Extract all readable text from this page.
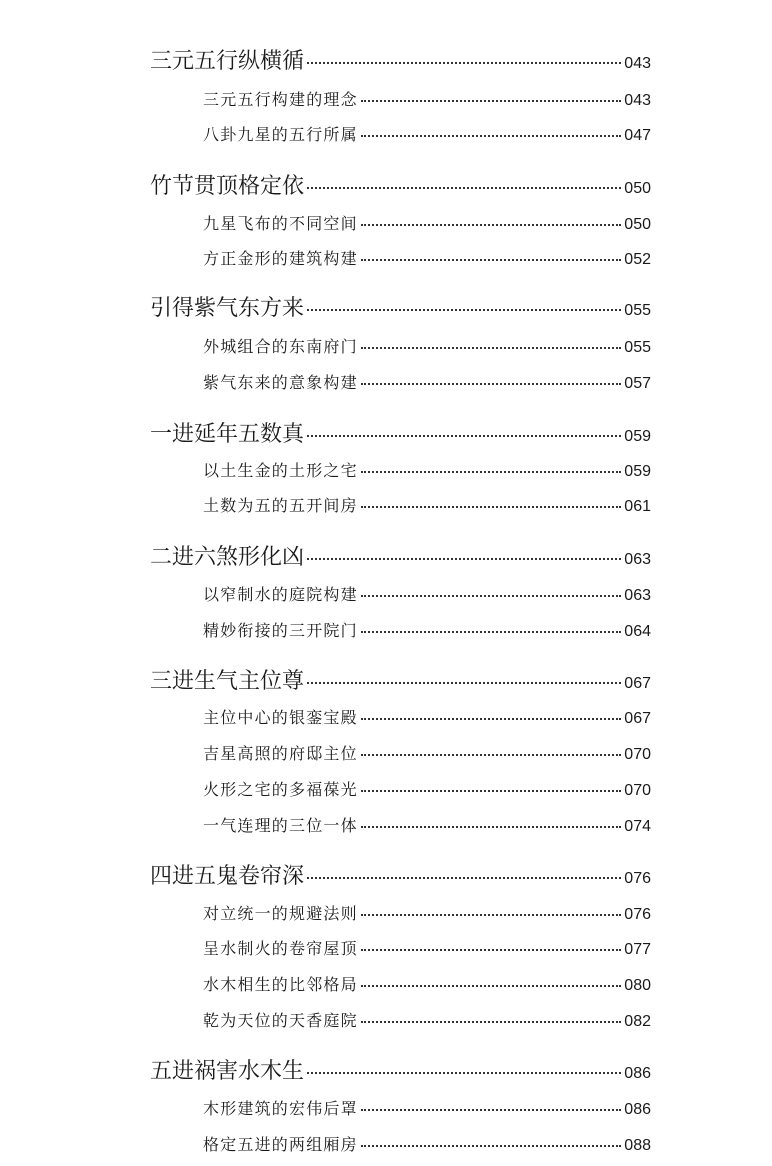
三元五行纵横循	043
三元五行构建的理念	043
八卦九星的五行所属	047
竹节贯顶格定依	050
九星飞布的不同空间	050
方正金形的建筑构建	052
引得紫气东方来	055
外城组合的东南府门	055
紫气东来的意象构建	057
一进延年五数真	059
以土生金的土形之宅	059
土数为五的五开间房	061
二进六煞形化凶	063
以窄制水的庭院构建	063
精妙衔接的三开院门	064
三进生气主位尊	067
主位中心的银銮宝殿	067
吉星高照的府邸主位	070
火形之宅的多福葆光	070
一气连理的三位一体	074
四进五鬼卷帘深	076
对立统一的规避法则	076
呈水制火的卷帘屋顶	077
水木相生的比邻格局	080
乾为天位的天香庭院	082
五进祸害水木生	086
木形建筑的宏伟后罩	086
格定五进的两组厢房	088
